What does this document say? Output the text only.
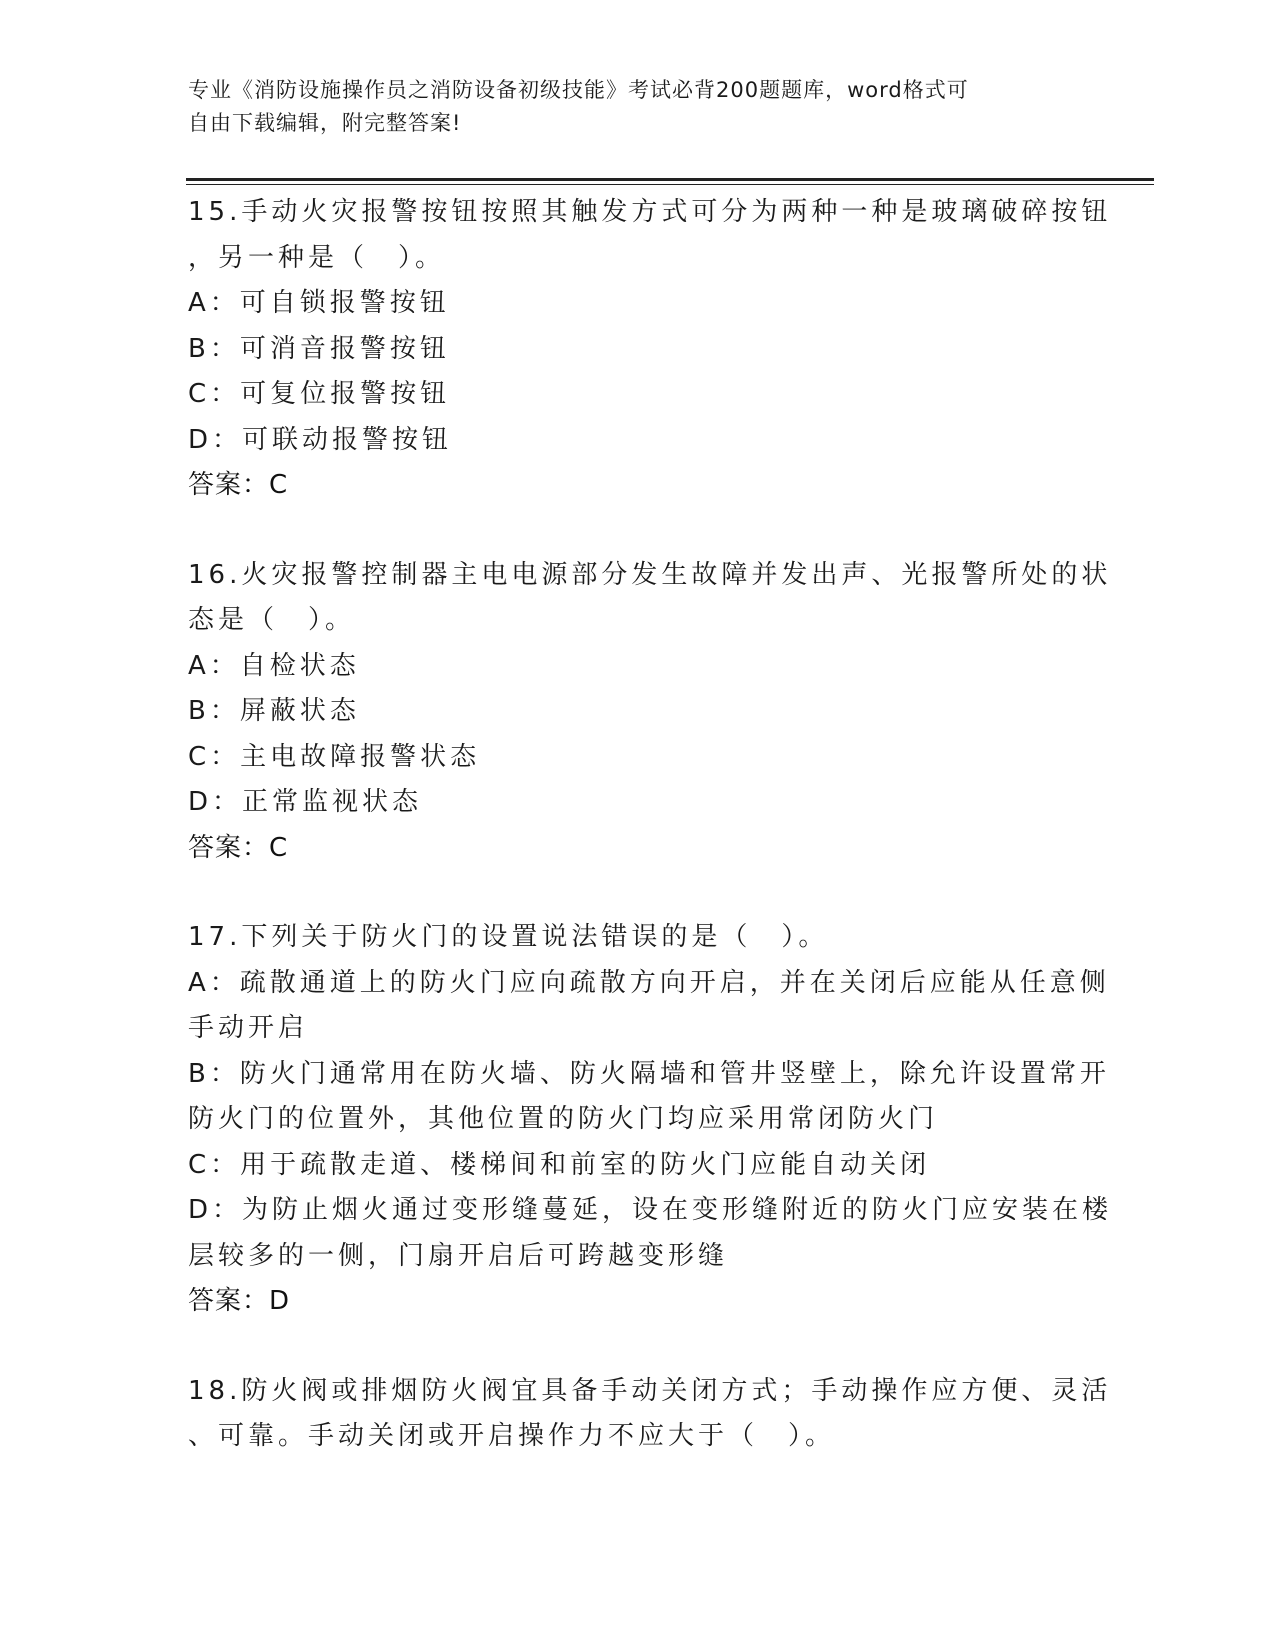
专业《消防设施操作员之消防设备初级技能》考试必背200题题库，word格式可
自由下载编辑，附完整答案!
15.手动火灾报警按钮按照其触发方式可分为两种一种是玻璃破碎按钮
，另一种是（　）。
A：可自锁报警按钮
B：可消音报警按钮
C：可复位报警按钮
D：可联动报警按钮
答案：C
16.火灾报警控制器主电电源部分发生故障并发出声、光报警所处的状
态是（　）。
A：自检状态
B：屏蔽状态
C：主电故障报警状态
D：正常监视状态
答案：C
17.下列关于防火门的设置说法错误的是（　）。
A：疏散通道上的防火门应向疏散方向开启，并在关闭后应能从任意侧
手动开启
B：防火门通常用在防火墙、防火隔墙和管井竖壁上，除允许设置常开
防火门的位置外，其他位置的防火门均应采用常闭防火门
C：用于疏散走道、楼梯间和前室的防火门应能自动关闭
D：为防止烟火通过变形缝蔓延，设在变形缝附近的防火门应安装在楼
层较多的一侧，门扇开启后可跨越变形缝
答案：D
18.防火阀或排烟防火阀宜具备手动关闭方式；手动操作应方便、灵活
、可靠。手动关闭或开启操作力不应大于（　）。
